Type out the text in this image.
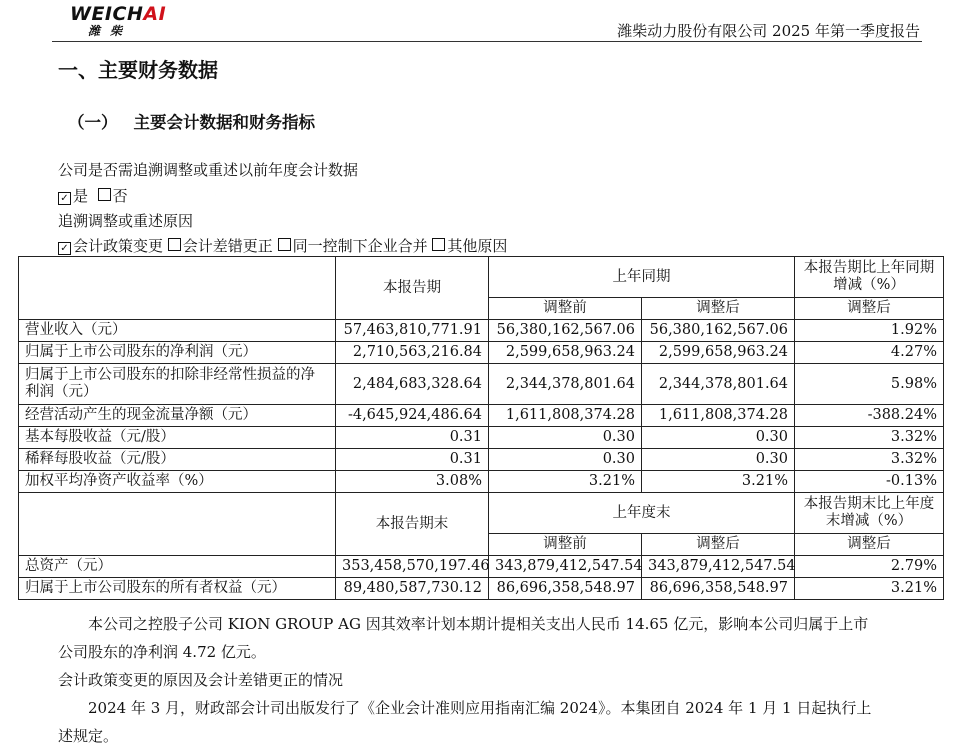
WEICHAI
潍柴	潍柴动力股份有限公司 2025 年第一季度报告
一、主要财务数据
（一） 主要会计数据和财务指标
公司是否需追溯调整或重述以前年度会计数据
✓ 是 否
追溯调整或重述原因
✓ 会计政策变更 会计差错更正 同一控制下企业合并 其他原因
	本报告期	上年同期		本报告期比上年同期增减（%）
		调整前	调整后	调整后
营业收入（元）	57,463,810,771.91	56,380,162,567.06	56,380,162,567.06	1.92%
归属于上市公司股东的净利润（元）	2,710,563,216.84	2,599,658,963.24	2,599,658,963.24	4.27%
归属于上市公司股东的扣除非经常性损益的净利润（元）	2,484,683,328.64	2,344,378,801.64	2,344,378,801.64	5.98%
经营活动产生的现金流量净额（元）	-4,645,924,486.64	1,611,808,374.28	1,611,808,374.28	-388.24%
基本每股收益（元/股）	0.31	0.30	0.30	3.32%
稀释每股收益（元/股）	0.31	0.30	0.30	3.32%
加权平均净资产收益率（%）	3.08%	3.21%	3.21%	-0.13%
	本报告期末	上年度末		本报告期末比上年度末增减（%）
		调整前	调整后	调整后
总资产（元）	353,458,570,197.46	343,879,412,547.54	343,879,412,547.54	2.79%
归属于上市公司股东的所有者权益（元）	89,480,587,730.12	86,696,358,548.97	86,696,358,548.97	3.21%
本公司之控股子公司 KION GROUP AG 因其效率计划本期计提相关支出人民币 14.65 亿元，影响本公司归属于上市
公司股东的净利润 4.72 亿元。
会计政策变更的原因及会计差错更正的情况
2024 年 3 月，财政部会计司出版发行了《企业会计准则应用指南汇编 2024》。本集团自 2024 年 1 月 1 日起执行上
述规定。
